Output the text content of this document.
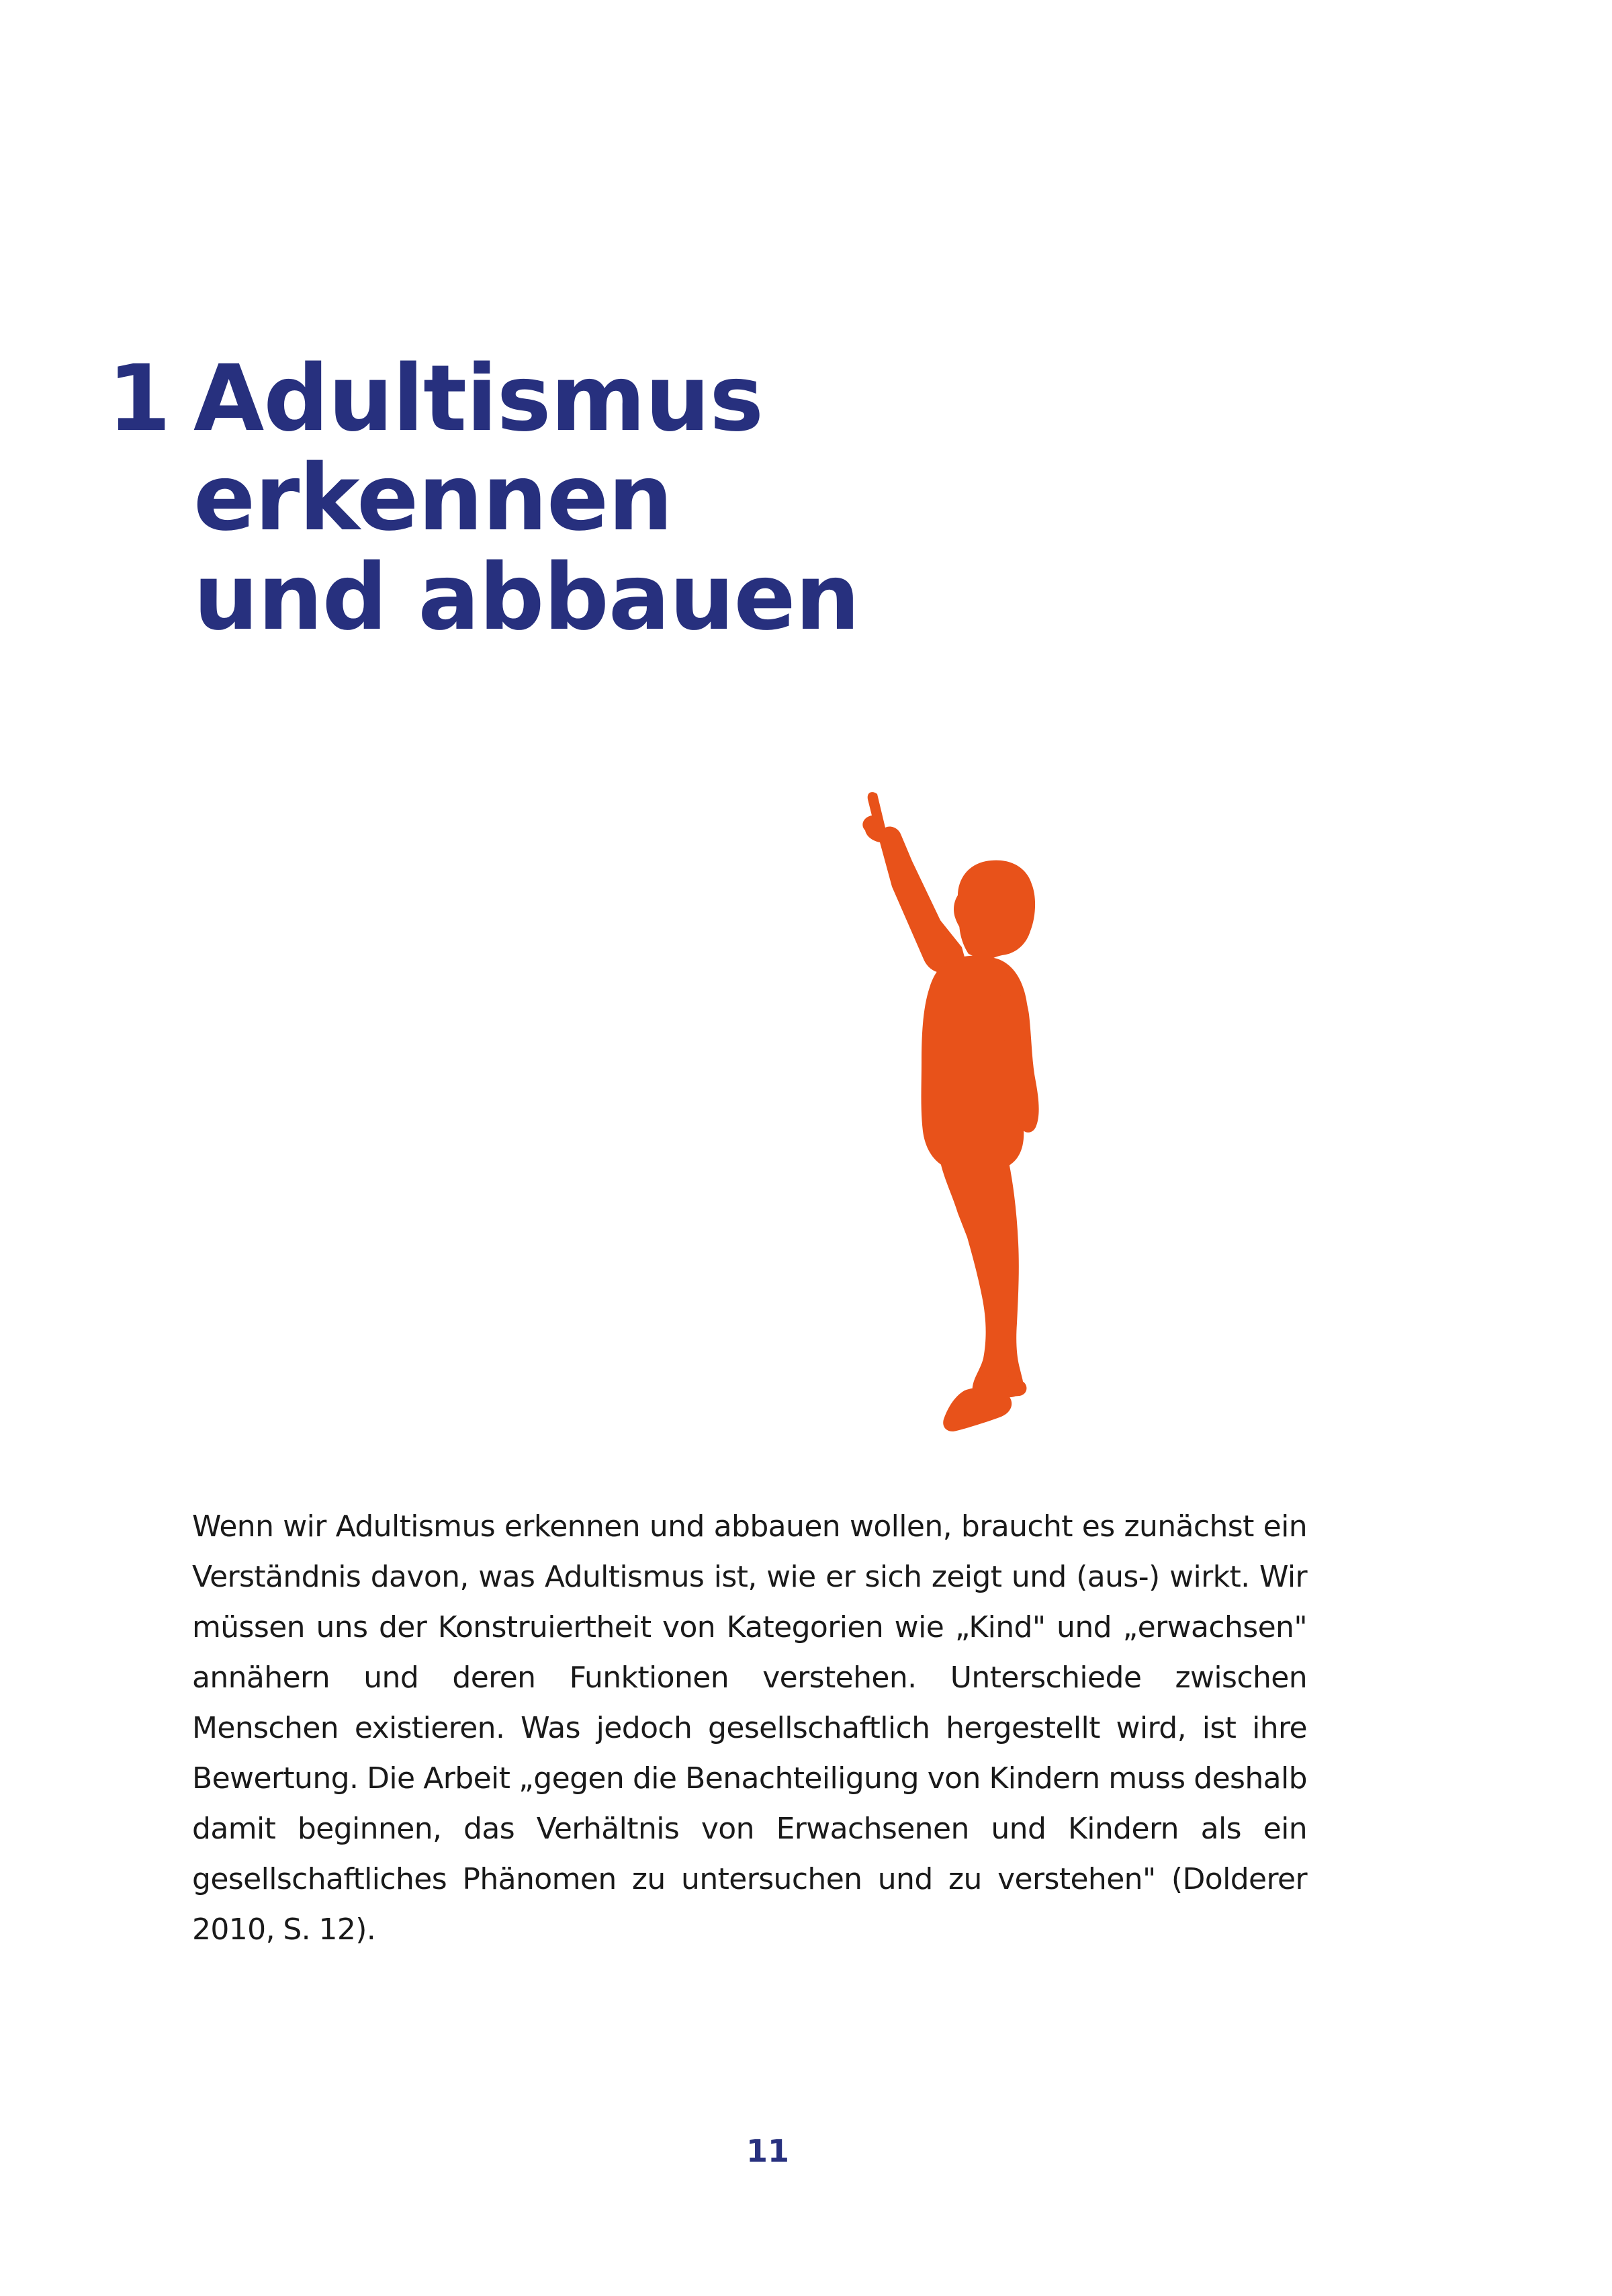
1 Adultismus
erkennen
und abbauen

Wenn wir Adultismus erkennen und abbauen wollen, braucht es zunächst ein Verständnis davon, was Adultismus ist, wie er sich zeigt und (aus-) wirkt. Wir müssen uns der Konstruiertheit von Kategorien wie „Kind" und „erwachsen" annähern und deren Funktionen verstehen. Unterschiede zwischen Menschen existieren. Was jedoch gesellschaftlich hergestellt wird, ist ihre Bewertung. Die Arbeit „gegen die Benachteiligung von Kindern muss deshalb damit beginnen, das Verhältnis von Erwachsenen und Kindern als ein gesellschaftliches Phänomen zu untersuchen und zu verstehen" (Dolderer 2010, S. 12).

11
